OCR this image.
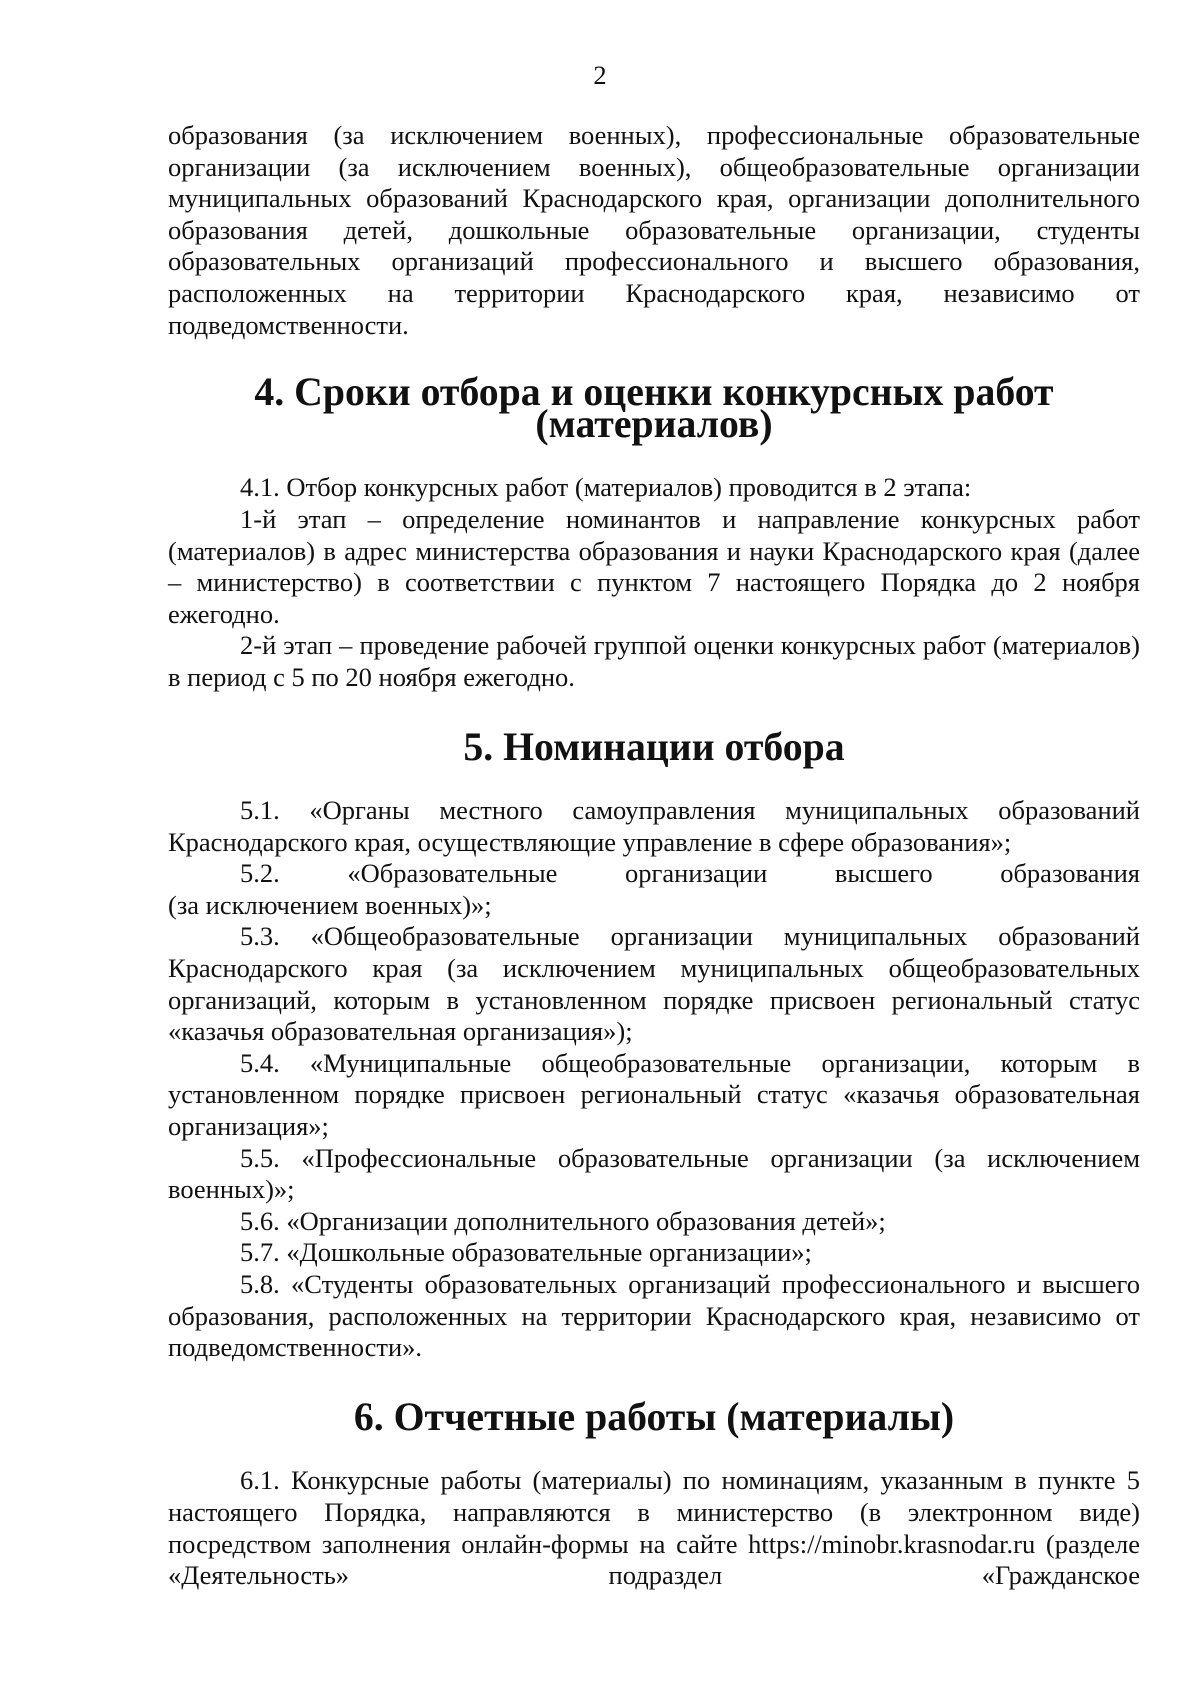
2

образования (за исключением военных), профессиональные образовательные организации (за исключением военных), общеобразовательные организации муниципальных образований Краснодарского края, организации дополнительного образования детей, дошкольные образовательные организации, студенты образовательных организаций профессионального и высшего образования, расположенных на территории Краснодарского края, независимо от подведомственности.

4. Сроки отбора и оценки конкурсных работ (материалов)

4.1. Отбор конкурсных работ (материалов) проводится в 2 этапа:

1-й этап – определение номинантов и направление конкурсных работ (материалов) в адрес министерства образования и науки Краснодарского края (далее – министерство) в соответствии с пунктом 7 настоящего Порядка до 2 ноября ежегодно.

2-й этап – проведение рабочей группой оценки конкурсных работ (материалов) в период с 5 по 20 ноября ежегодно.

5. Номинации отбора

5.1. «Органы местного самоуправления муниципальных образований Краснодарского края, осуществляющие управление в сфере образования»;

5.2. «Образовательные организации высшего образования

(за исключением военных)»;

5.3. «Общеобразовательные организации муниципальных образований Краснодарского края (за исключением муниципальных общеобразовательных организаций, которым в установленном порядке присвоен региональный статус «казачья образовательная организация»);

5.4. «Муниципальные общеобразовательные организации, которым в установленном порядке присвоен региональный статус «казачья образовательная организация»;

5.5. «Профессиональные образовательные организации (за исключением военных)»;

5.6. «Организации дополнительного образования детей»;

5.7. «Дошкольные образовательные организации»;

5.8. «Студенты образовательных организаций профессионального и высшего образования, расположенных на территории Краснодарского края, независимо от подведомственности».

6. Отчетные работы (материалы)

6.1. Конкурсные работы (материалы) по номинациям, указанным в пункте 5 настоящего Порядка, направляются в министерство (в электронном виде) посредством заполнения онлайн-формы на сайте https://minobr.krasnodar.ru (разделе «Деятельность» подраздел «Гражданское
